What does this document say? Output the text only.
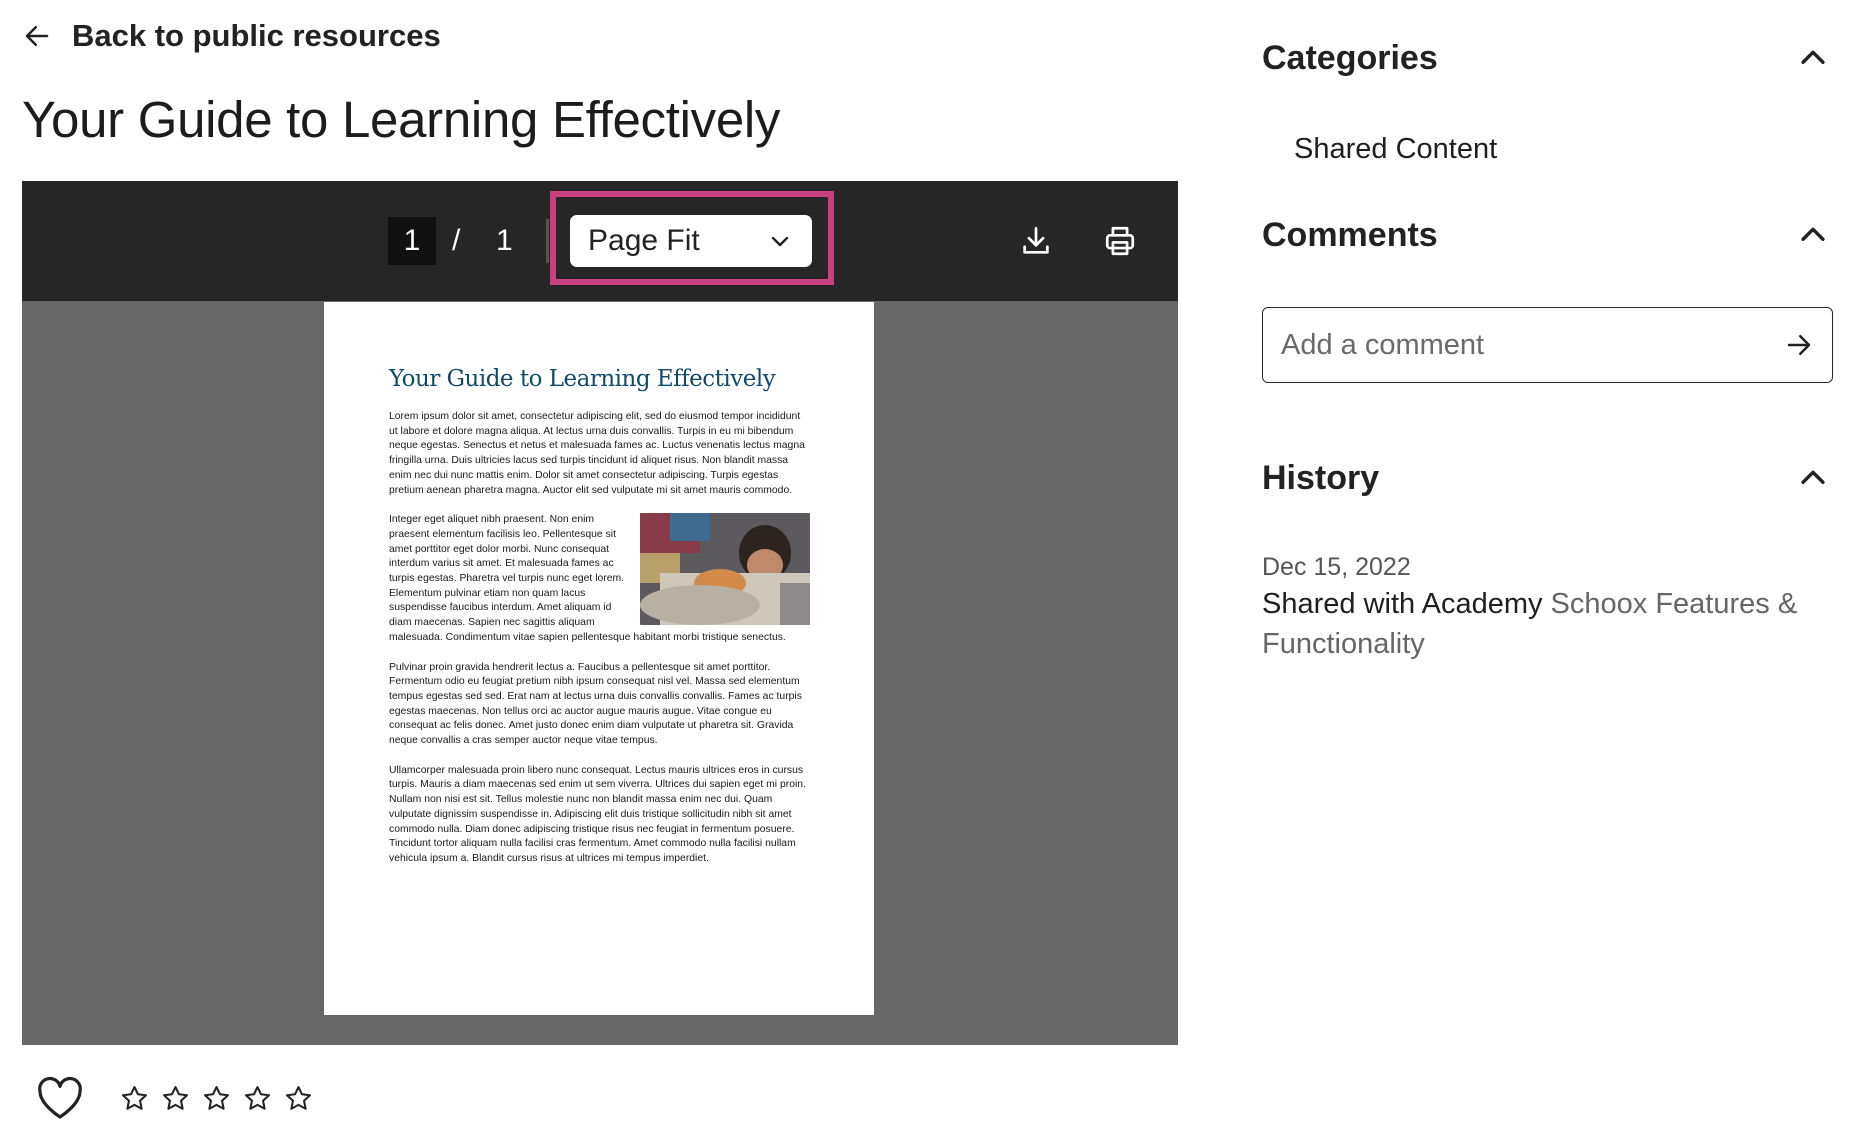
Back to public resources
Your Guide to Learning Effectively
1	/ 1	Page Fit
Your Guide to Learning Effectively

Lorem ipsum dolor sit amet, consectetur adipiscing elit, sed do eiusmod tempor incididunt ut labore et dolore magna aliqua. At lectus urna duis convallis. Turpis in eu mi bibendum neque egestas. Senectus et netus et malesuada fames ac. Luctus venenatis lectus magna fringilla urna. Duis ultricies lacus sed turpis tincidunt id aliquet risus. Non blandit massa enim nec dui nunc mattis enim. Dolor sit amet consectetur adipiscing. Turpis egestas pretium aenean pharetra magna. Auctor elit sed vulputate mi sit amet mauris commodo.

Integer eget aliquet nibh praesent. Non enim praesent elementum facilisis leo. Pellentesque sit amet porttitor eget dolor morbi. Nunc consequat interdum varius sit amet. Et malesuada fames ac turpis egestas. Pharetra vel turpis nunc eget lorem. Elementum pulvinar etiam non quam lacus suspendisse faucibus interdum. Amet aliquam id diam maecenas. Sapien nec sagittis aliquam malesuada. Condimentum vitae sapien pellentesque habitant morbi tristique senectus.

Pulvinar proin gravida hendrerit lectus a. Faucibus a pellentesque sit amet porttitor. Fermentum odio eu feugiat pretium nibh ipsum consequat nisl vel. Massa sed elementum tempus egestas sed sed. Erat nam at lectus urna duis convallis convallis. Fames ac turpis egestas maecenas. Non tellus orci ac auctor augue mauris augue. Vitae congue eu consequat ac felis donec. Amet justo donec enim diam vulputate ut pharetra sit. Gravida neque convallis a cras semper auctor neque vitae tempus.

Ullamcorper malesuada proin libero nunc consequat. Lectus mauris ultrices eros in cursus turpis. Mauris a diam maecenas sed enim ut sem viverra. Ultrices dui sapien eget mi proin. Nullam non nisi est sit. Tellus molestie nunc non blandit massa enim nec dui. Quam vulputate dignissim suspendisse in. Adipiscing elit duis tristique sollicitudin nibh sit amet commodo nulla. Diam donec adipiscing tristique risus nec feugiat in fermentum posuere. Tincidunt tortor aliquam nulla facilisi cras fermentum. Amet commodo nulla facilisi nullam vehicula ipsum a. Blandit cursus risus at ultrices mi tempus imperdiet.

Categories
Shared Content
Comments
Add a comment
History
Dec 15, 2022
Shared with Academy Schoox Features & Functionality
